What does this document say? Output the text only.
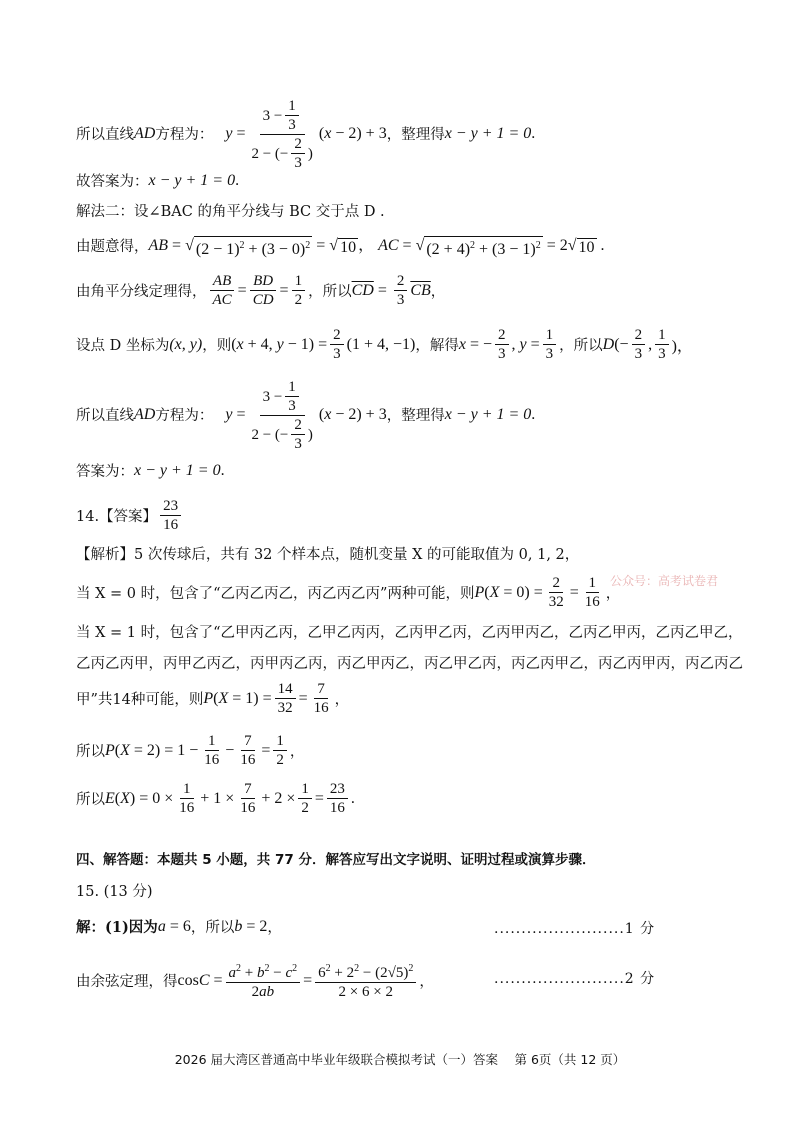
所以直线 AD 方程为： $y = \frac{3 - \frac{1}{3}}{2 - (- \frac{2}{3} )} (x - 2) + 3$ ，整理得 x − y + 1 = 0 .
故答案为： x − y + 1 = 0 .
解法二：设∠BAC 的角平分线与 BC 交于点 D .
由题意得， AB = √ $(2 - 1)^2 + (3 - 0)^2$ = √ 10 ， AC = √ $(2 + 4)^2 + (3 - 1)^2 = 2√$ 10 .
由角平分线定理得， $\frac{AB}{AC} = \frac{BD}{CD} = \frac{1}{2}$ ，所以 $\overline{CD} = \frac{2}{3} \overline{CB}$ ，
设点 D 坐标为 (x, y) ，则 (x + 4, $y - 1) = \frac{2}{3} (1 + 4$, −1) ，解得 x = − $\frac{2}{3}$ , $y = \frac{1}{3}$ ，所以 D (− $\frac{2}{3}$ , $\frac{1}{3}$ )，
所以直线 AD 方程为： $y = \frac{3 - \frac{1}{3}}{2 - (- \frac{2}{3} )} (x - 2) + 3$ ，整理得 x − y + 1 = 0 .
答案为： x − y + 1 = 0 .
14.【答案】 $\frac{23}{16}$
【解析】5 次传球后，共有 32 个样本点，随机变量 X 的可能取值为 0, 1, 2，
公众号：高考试卷君
当 X = 0 时，包含了“乙丙乙丙乙，丙乙丙乙丙”两种可能，则 $P(X = 0) = \frac{2}{32} = \frac{1}{16}$ ，
当 X = 1 时，包含了“乙甲丙乙丙，乙甲乙丙丙，乙丙甲乙丙，乙丙甲丙乙，乙丙乙甲丙，乙丙乙甲乙，
乙丙乙丙甲，丙甲乙丙乙，丙甲丙乙丙，丙乙甲丙乙，丙乙甲乙丙，丙乙丙甲乙，丙乙丙甲丙，丙乙丙乙
甲”共14种可能，则 $P(X = 1) = \frac{14}{32} = \frac{7}{16}$ ，
所以 $P(X = 2) = 1 - \frac{1}{16} - \frac{7}{16} = \frac{1}{2}$ ，
所以 $E(X) = 0 \times \frac{1}{16} + 1 \times \frac{7}{16} + 2 \times \frac{1}{2} = \frac{23}{16}$ .
四、解答题：本题共 5 小题，共 77 分．解答应写出文字说明、证明过程或演算步骤．
15. (13 分)
解：(1)因为 a = 6 ，所以 b = 2 ，	........................1 分
由余弦定理，得 $\cos C = \frac{a^2 + b^2 - c^2}{2ab} = \frac{6^2 + 2^2 - (2√5)^2}{2 \times 6 \times 2}$ ，	........................2 分
2026 届大湾区普通高中毕业年级联合模拟考试（一）答案　 第 6页（共 12 页）
